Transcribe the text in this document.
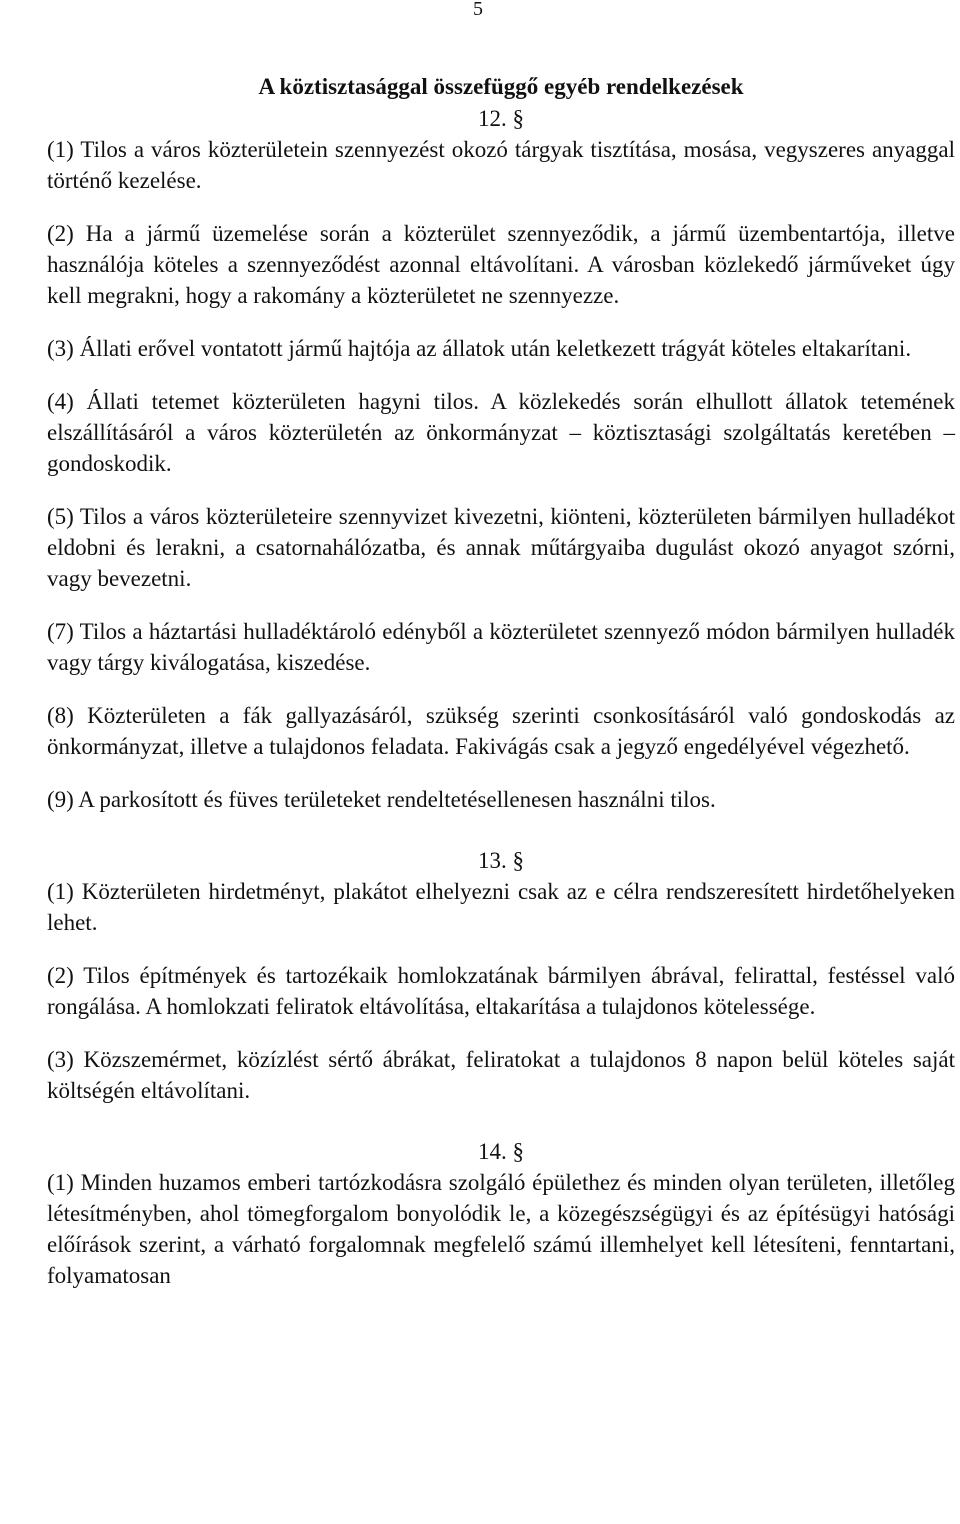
5
A köztisztasággal összefüggő egyéb rendelkezések
12. §

(1) Tilos a város közterületein szennyezést okozó tárgyak tisztítása, mosása, vegyszeres anyaggal történő kezelése.

(2) Ha a jármű üzemelése során a közterület szennyeződik, a jármű üzembentartója, illetve használója köteles a szennyeződést azonnal eltávolítani. A városban közlekedő járműveket úgy kell megrakni, hogy a rakomány a közterületet ne szennyezze.

(3) Állati erővel vontatott jármű hajtója az állatok után keletkezett trágyát köteles eltakarítani.

(4) Állati tetemet közterületen hagyni tilos. A közlekedés során elhullott állatok tetemének elszállításáról a város közterületén az önkormányzat – köztisztasági szolgáltatás keretében – gondoskodik.

(5) Tilos a város közterületeire szennyvizet kivezetni, kiönteni, közterületen bármilyen hulladékot eldobni és lerakni, a csatornahálózatba, és annak műtárgyaiba dugulást okozó anyagot szórni, vagy bevezetni.

(7) Tilos a háztartási hulladéktároló edényből a közterületet szennyező módon bármilyen hulladék vagy tárgy kiválogatása, kiszedése.

(8) Közterületen a fák gallyazásáról, szükség szerinti csonkosításáról való gondoskodás az önkormányzat, illetve a tulajdonos feladata. Fakivágás csak a jegyző engedélyével végezhető.

(9) A parkosított és füves területeket rendeltetésellenesen használni tilos.

13. §

(1) Közterületen hirdetményt, plakátot elhelyezni csak az e célra rendszeresített hirdetőhelyeken lehet.

(2) Tilos építmények és tartozékaik homlokzatának bármilyen ábrával, felirattal, festéssel való rongálása. A homlokzati feliratok eltávolítása, eltakarítása a tulajdonos kötelessége.

(3) Közszemérmet, közízlést sértő ábrákat, feliratokat a tulajdonos 8 napon belül köteles saját költségén eltávolítani.

14. §

(1) Minden huzamos emberi tartózkodásra szolgáló épülethez és minden olyan területen, illetőleg létesítményben, ahol tömegforgalom bonyolódik le, a közegészségügyi és az építésügyi hatósági előírások szerint, a várható forgalomnak megfelelő számú illemhelyet kell létesíteni, fenntartani, folyamatosan
